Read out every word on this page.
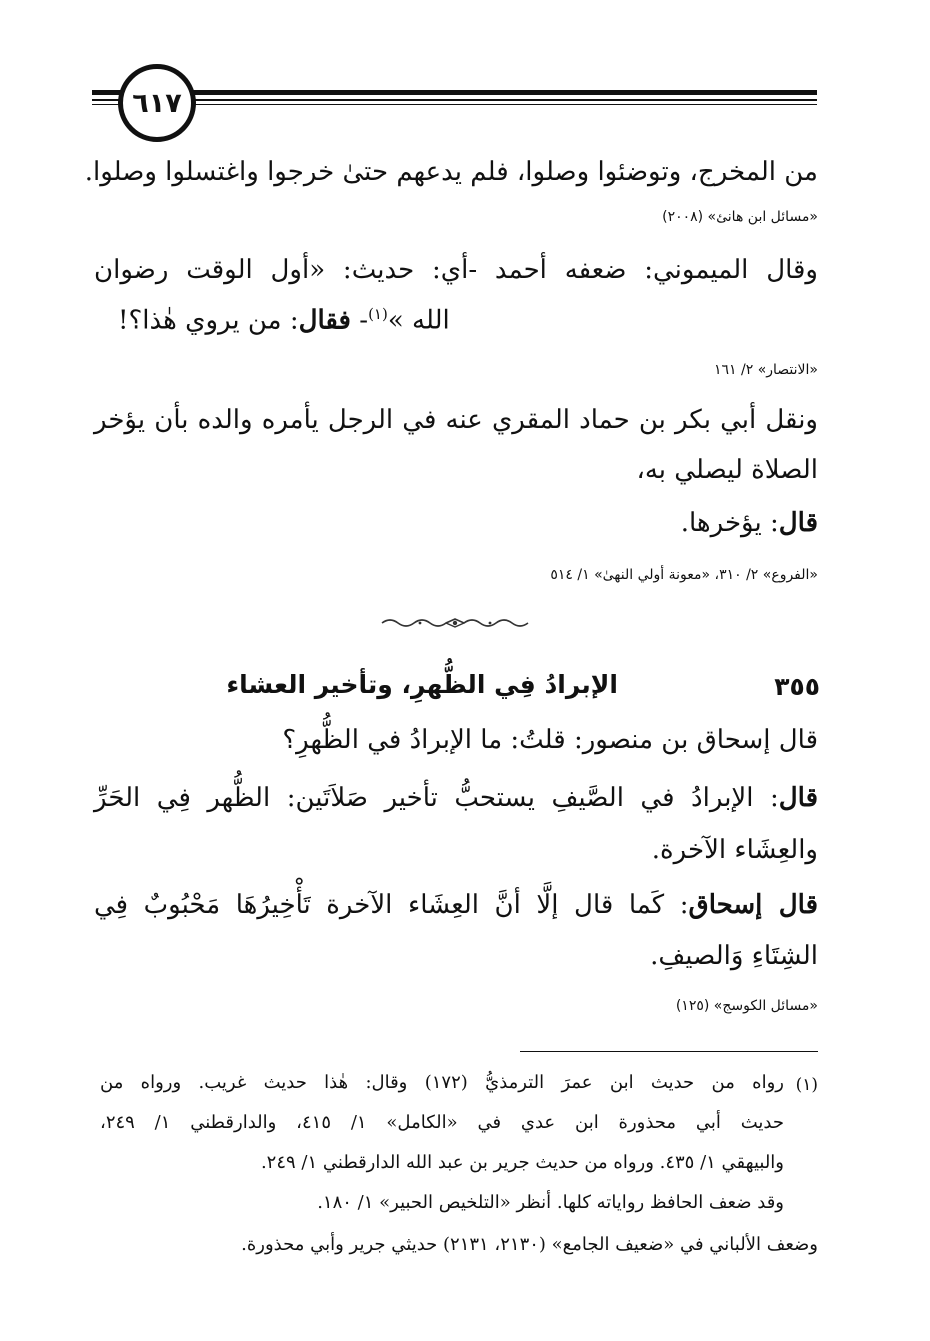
٦١٧
من المخرج، وتوضئوا وصلوا، فلم يدعهم حتىٰ خرجوا واغتسلوا وصلوا.
«مسائل ابن هانئ» (٢٠٠٨)
وقال الميموني: ضعفه أحمد -أي: حديث: «أول الوقت رضوان
الله »$^{(١)}$- فقال: من يروي هٰذا؟!
«الانتصار» ٢/ ١٦١
ونقل أبي بكر بن حماد المقري عنه في الرجل يأمره والده بأن يؤخر
الصلاة ليصلي به،
قال: يؤخرها.
«الفروع» ٢/ ٣١٠، «معونة أولي النهىٰ» ١/ ٥١٤
٣٥٥
الإبرادُ فِي الظُّهرِ، وتأخير العشاء
قال إسحاق بن منصور: قلتُ: ما الإبرادُ في الظُّهرِ؟
قال: الإبرادُ في الصَّيفِ يستحبُّ تأخير صَلاَتَين: الظُّهر فِي الحَرِّ
والعِشَاء الآخرة.
قال إسحاق: كَما قال إلَّا أنَّ العِشَاء الآخرة تَأْخِيرُهَا مَحْبُوبٌ فِي
الشِتَاءِ وَالصيفِ.
«مسائل الكوسج» (١٢٥)
(١)
رواه من حديث ابن عمرَ الترمذيُّ (١٧٢) وقال: هٰذا حديث غريب. ورواه من
حديث أبي محذورة ابن عدي في «الكامل» ١/ ٤١٥، والدارقطني ١/ ٢٤٩،
والبيهقي ١/ ٤٣٥. ورواه من حديث جرير بن عبد الله الدارقطني ١/ ٢٤٩.
وقد ضعف الحافظ رواياته كلها. أنظر «التلخيص الحبير» ١/ ١٨٠.
وضعف الألباني في «ضعيف الجامع» (٢١٣٠، ٢١٣١) حديثي جرير وأبي محذورة.
